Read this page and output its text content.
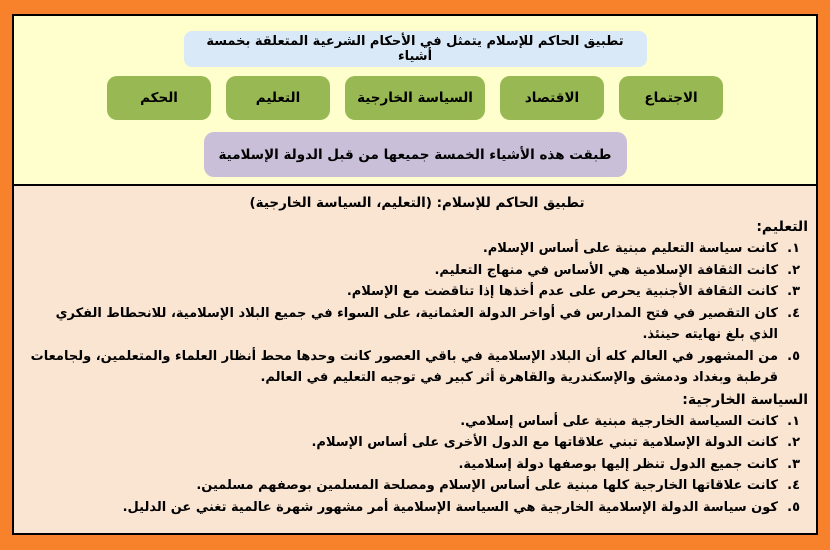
تطبيق الحاكم للإسلام يتمثل في الأحكام الشرعية المتعلقة بخمسة أشياء
الاجتماع
الاقتصاد
السياسة الخارجية
التعليم
الحكم
طبقت هذه الأشياء الخمسة جميعها من قبل الدولة الإسلامية
تطبيق الحاكم للإسلام: (التعليم، السياسة الخارجية)
التعليم:
١.
كانت سياسة التعليم مبنية على أساس الإسلام.
٢.
كانت الثقافة الإسلامية هي الأساس في منهاج التعليم.
٣.
كانت الثقافة الأجنبية يحرص على عدم أخذها إذا تناقضت مع الإسلام.
٤.
كان التقصير في فتح المدارس في أواخر الدولة العثمانية، على السواء في جميع البلاد الإسلامية، للانحطاط الفكري الذي بلغ نهايته حينئذ.
٥.
من المشهور في العالم كله أن البلاد الإسلامية في باقي العصور كانت وحدها محط أنظار العلماء والمتعلمين، ولجامعات قرطبة وبغداد ودمشق والإسكندرية والقاهرة أثر كبير في توجيه التعليم في العالم.
السياسة الخارجية:
١.
كانت السياسة الخارجية مبنية على أساس إسلامي.
٢.
كانت الدولة الإسلامية تبني علاقاتها مع الدول الأخرى على أساس الإسلام.
٣.
كانت جميع الدول تنظر إليها بوصفها دولة إسلامية.
٤.
كانت علاقاتها الخارجية كلها مبنية على أساس الإسلام ومصلحة المسلمين بوصفهم مسلمين.
٥.
كون سياسة الدولة الإسلامية الخارجية هي السياسة الإسلامية أمر مشهور شهرة عالمية تغني عن الدليل.
